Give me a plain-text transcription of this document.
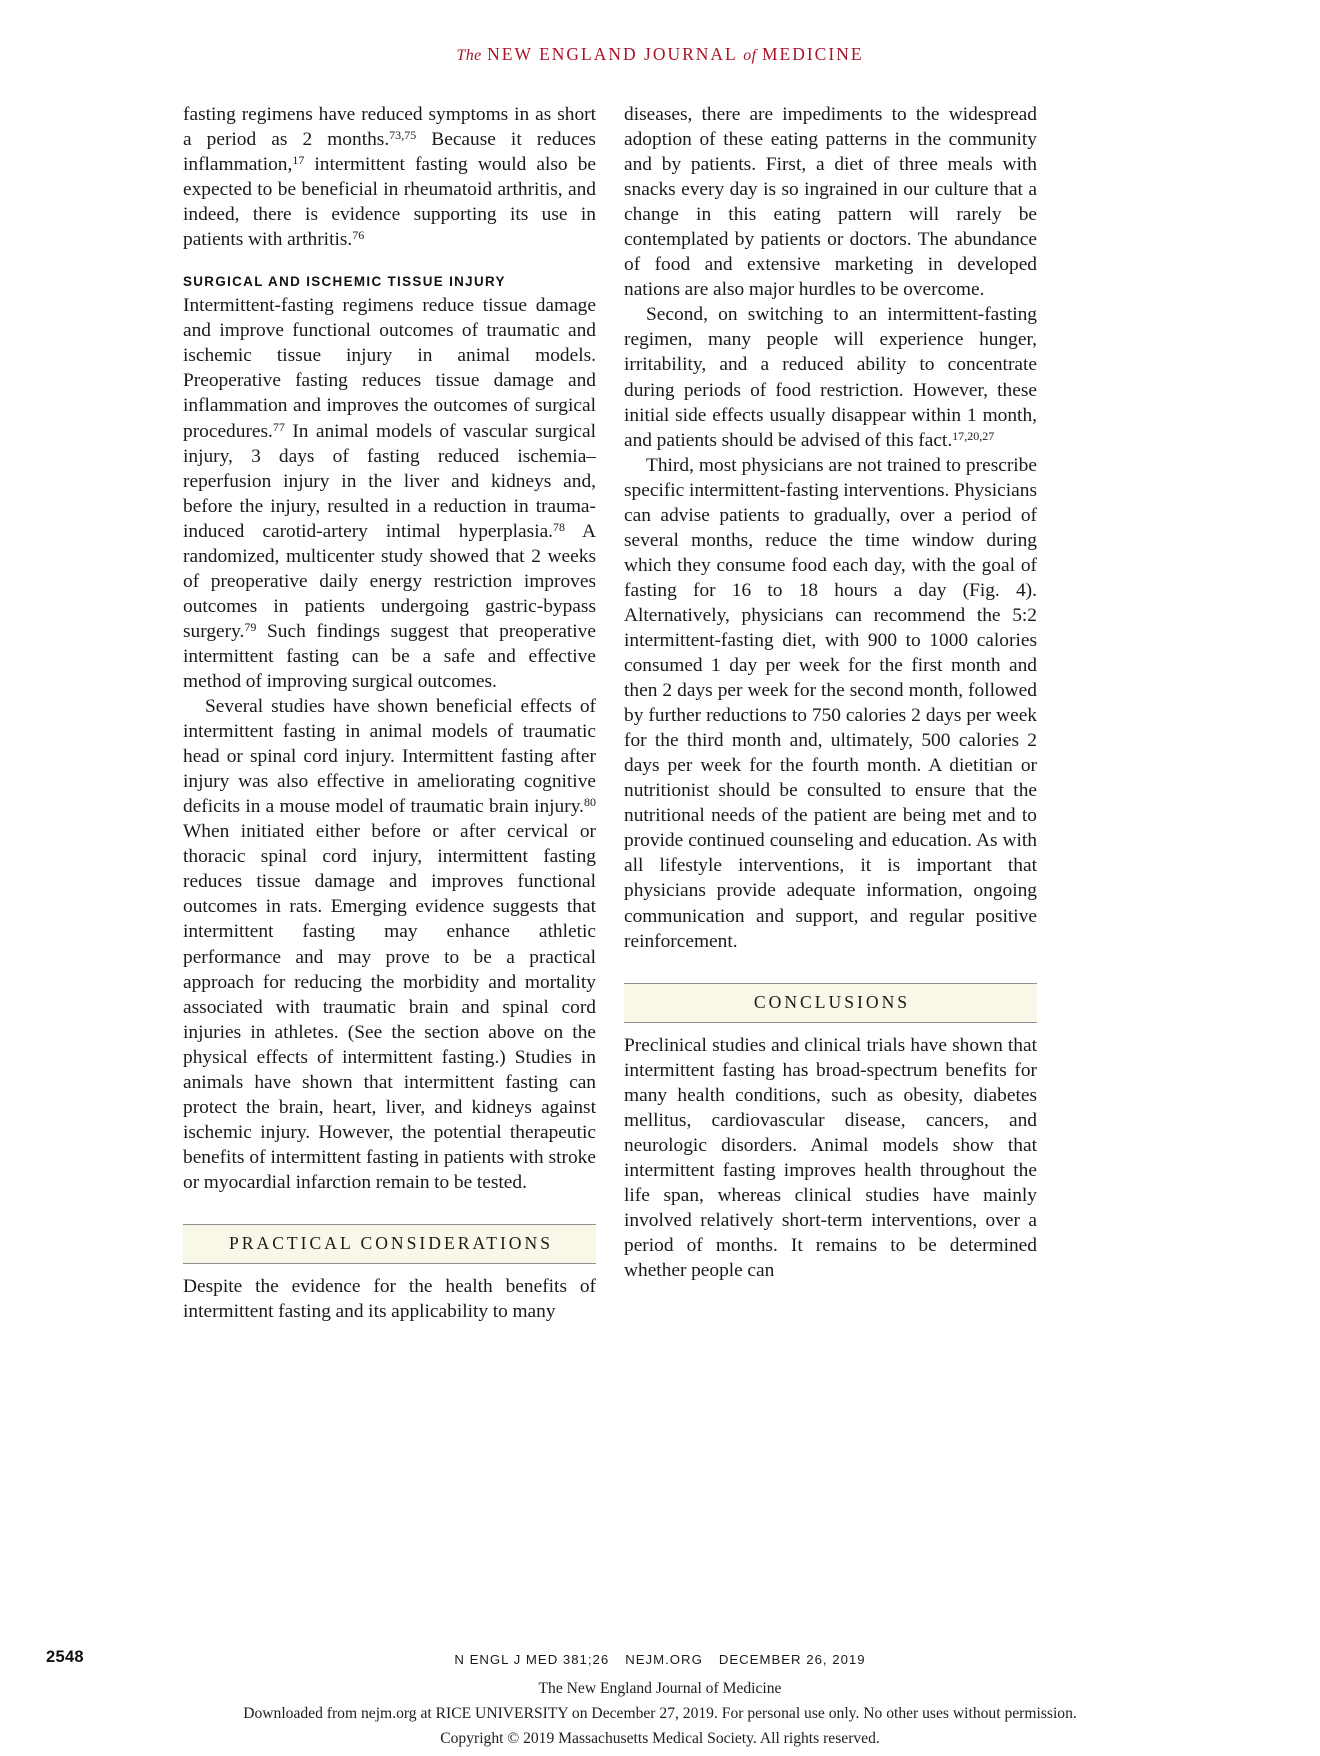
The NEW ENGLAND JOURNAL of MEDICINE

fasting regimens have reduced symptoms in as short a period as 2 months.$^{73,75}$ Because it reduces inflammation,$^{17}$ intermittent fasting would also be expected to be beneficial in rheumatoid arthritis, and indeed, there is evidence supporting its use in patients with arthritis.$^{76}$

SURGICAL AND ISCHEMIC TISSUE INJURY

Intermittent-fasting regimens reduce tissue damage and improve functional outcomes of traumatic and ischemic tissue injury in animal models. Preoperative fasting reduces tissue damage and inflammation and improves the outcomes of surgical procedures.$^{77}$ In animal models of vascular surgical injury, 3 days of fasting reduced ischemia–reperfusion injury in the liver and kidneys and, before the injury, resulted in a reduction in trauma-induced carotid-artery intimal hyperplasia.$^{78}$ A randomized, multicenter study showed that 2 weeks of preoperative daily energy restriction improves outcomes in patients undergoing gastric-bypass surgery.$^{79}$ Such findings suggest that preoperative intermittent fasting can be a safe and effective method of improving surgical outcomes.

Several studies have shown beneficial effects of intermittent fasting in animal models of traumatic head or spinal cord injury. Intermittent fasting after injury was also effective in ameliorating cognitive deficits in a mouse model of traumatic brain injury.$^{80}$ When initiated either before or after cervical or thoracic spinal cord injury, intermittent fasting reduces tissue damage and improves functional outcomes in rats. Emerging evidence suggests that intermittent fasting may enhance athletic performance and may prove to be a practical approach for reducing the morbidity and mortality associated with traumatic brain and spinal cord injuries in athletes. (See the section above on the physical effects of intermittent fasting.) Studies in animals have shown that intermittent fasting can protect the brain, heart, liver, and kidneys against ischemic injury. However, the potential therapeutic benefits of intermittent fasting in patients with stroke or myocardial infarction remain to be tested.

PRACTICAL CONSIDERATIONS

Despite the evidence for the health benefits of intermittent fasting and its applicability to many

diseases, there are impediments to the widespread adoption of these eating patterns in the community and by patients. First, a diet of three meals with snacks every day is so ingrained in our culture that a change in this eating pattern will rarely be contemplated by patients or doctors. The abundance of food and extensive marketing in developed nations are also major hurdles to be overcome.

Second, on switching to an intermittent-fasting regimen, many people will experience hunger, irritability, and a reduced ability to concentrate during periods of food restriction. However, these initial side effects usually disappear within 1 month, and patients should be advised of this fact.$^{17,20,27}$

Third, most physicians are not trained to prescribe specific intermittent-fasting interventions. Physicians can advise patients to gradually, over a period of several months, reduce the time window during which they consume food each day, with the goal of fasting for 16 to 18 hours a day (Fig. 4). Alternatively, physicians can recommend the 5:2 intermittent-fasting diet, with 900 to 1000 calories consumed 1 day per week for the first month and then 2 days per week for the second month, followed by further reductions to 750 calories 2 days per week for the third month and, ultimately, 500 calories 2 days per week for the fourth month. A dietitian or nutritionist should be consulted to ensure that the nutritional needs of the patient are being met and to provide continued counseling and education. As with all lifestyle interventions, it is important that physicians provide adequate information, ongoing communication and support, and regular positive reinforcement.

CONCLUSIONS

Preclinical studies and clinical trials have shown that intermittent fasting has broad-spectrum benefits for many health conditions, such as obesity, diabetes mellitus, cardiovascular disease, cancers, and neurologic disorders. Animal models show that intermittent fasting improves health throughout the life span, whereas clinical studies have mainly involved relatively short-term interventions, over a period of months. It remains to be determined whether people can

2548	N ENGL J MED 381;26 NEJM.ORG DECEMBER 26, 2019
The New England Journal of Medicine
Downloaded from nejm.org at RICE UNIVERSITY on December 27, 2019. For personal use only. No other uses without permission.
Copyright © 2019 Massachusetts Medical Society. All rights reserved.
